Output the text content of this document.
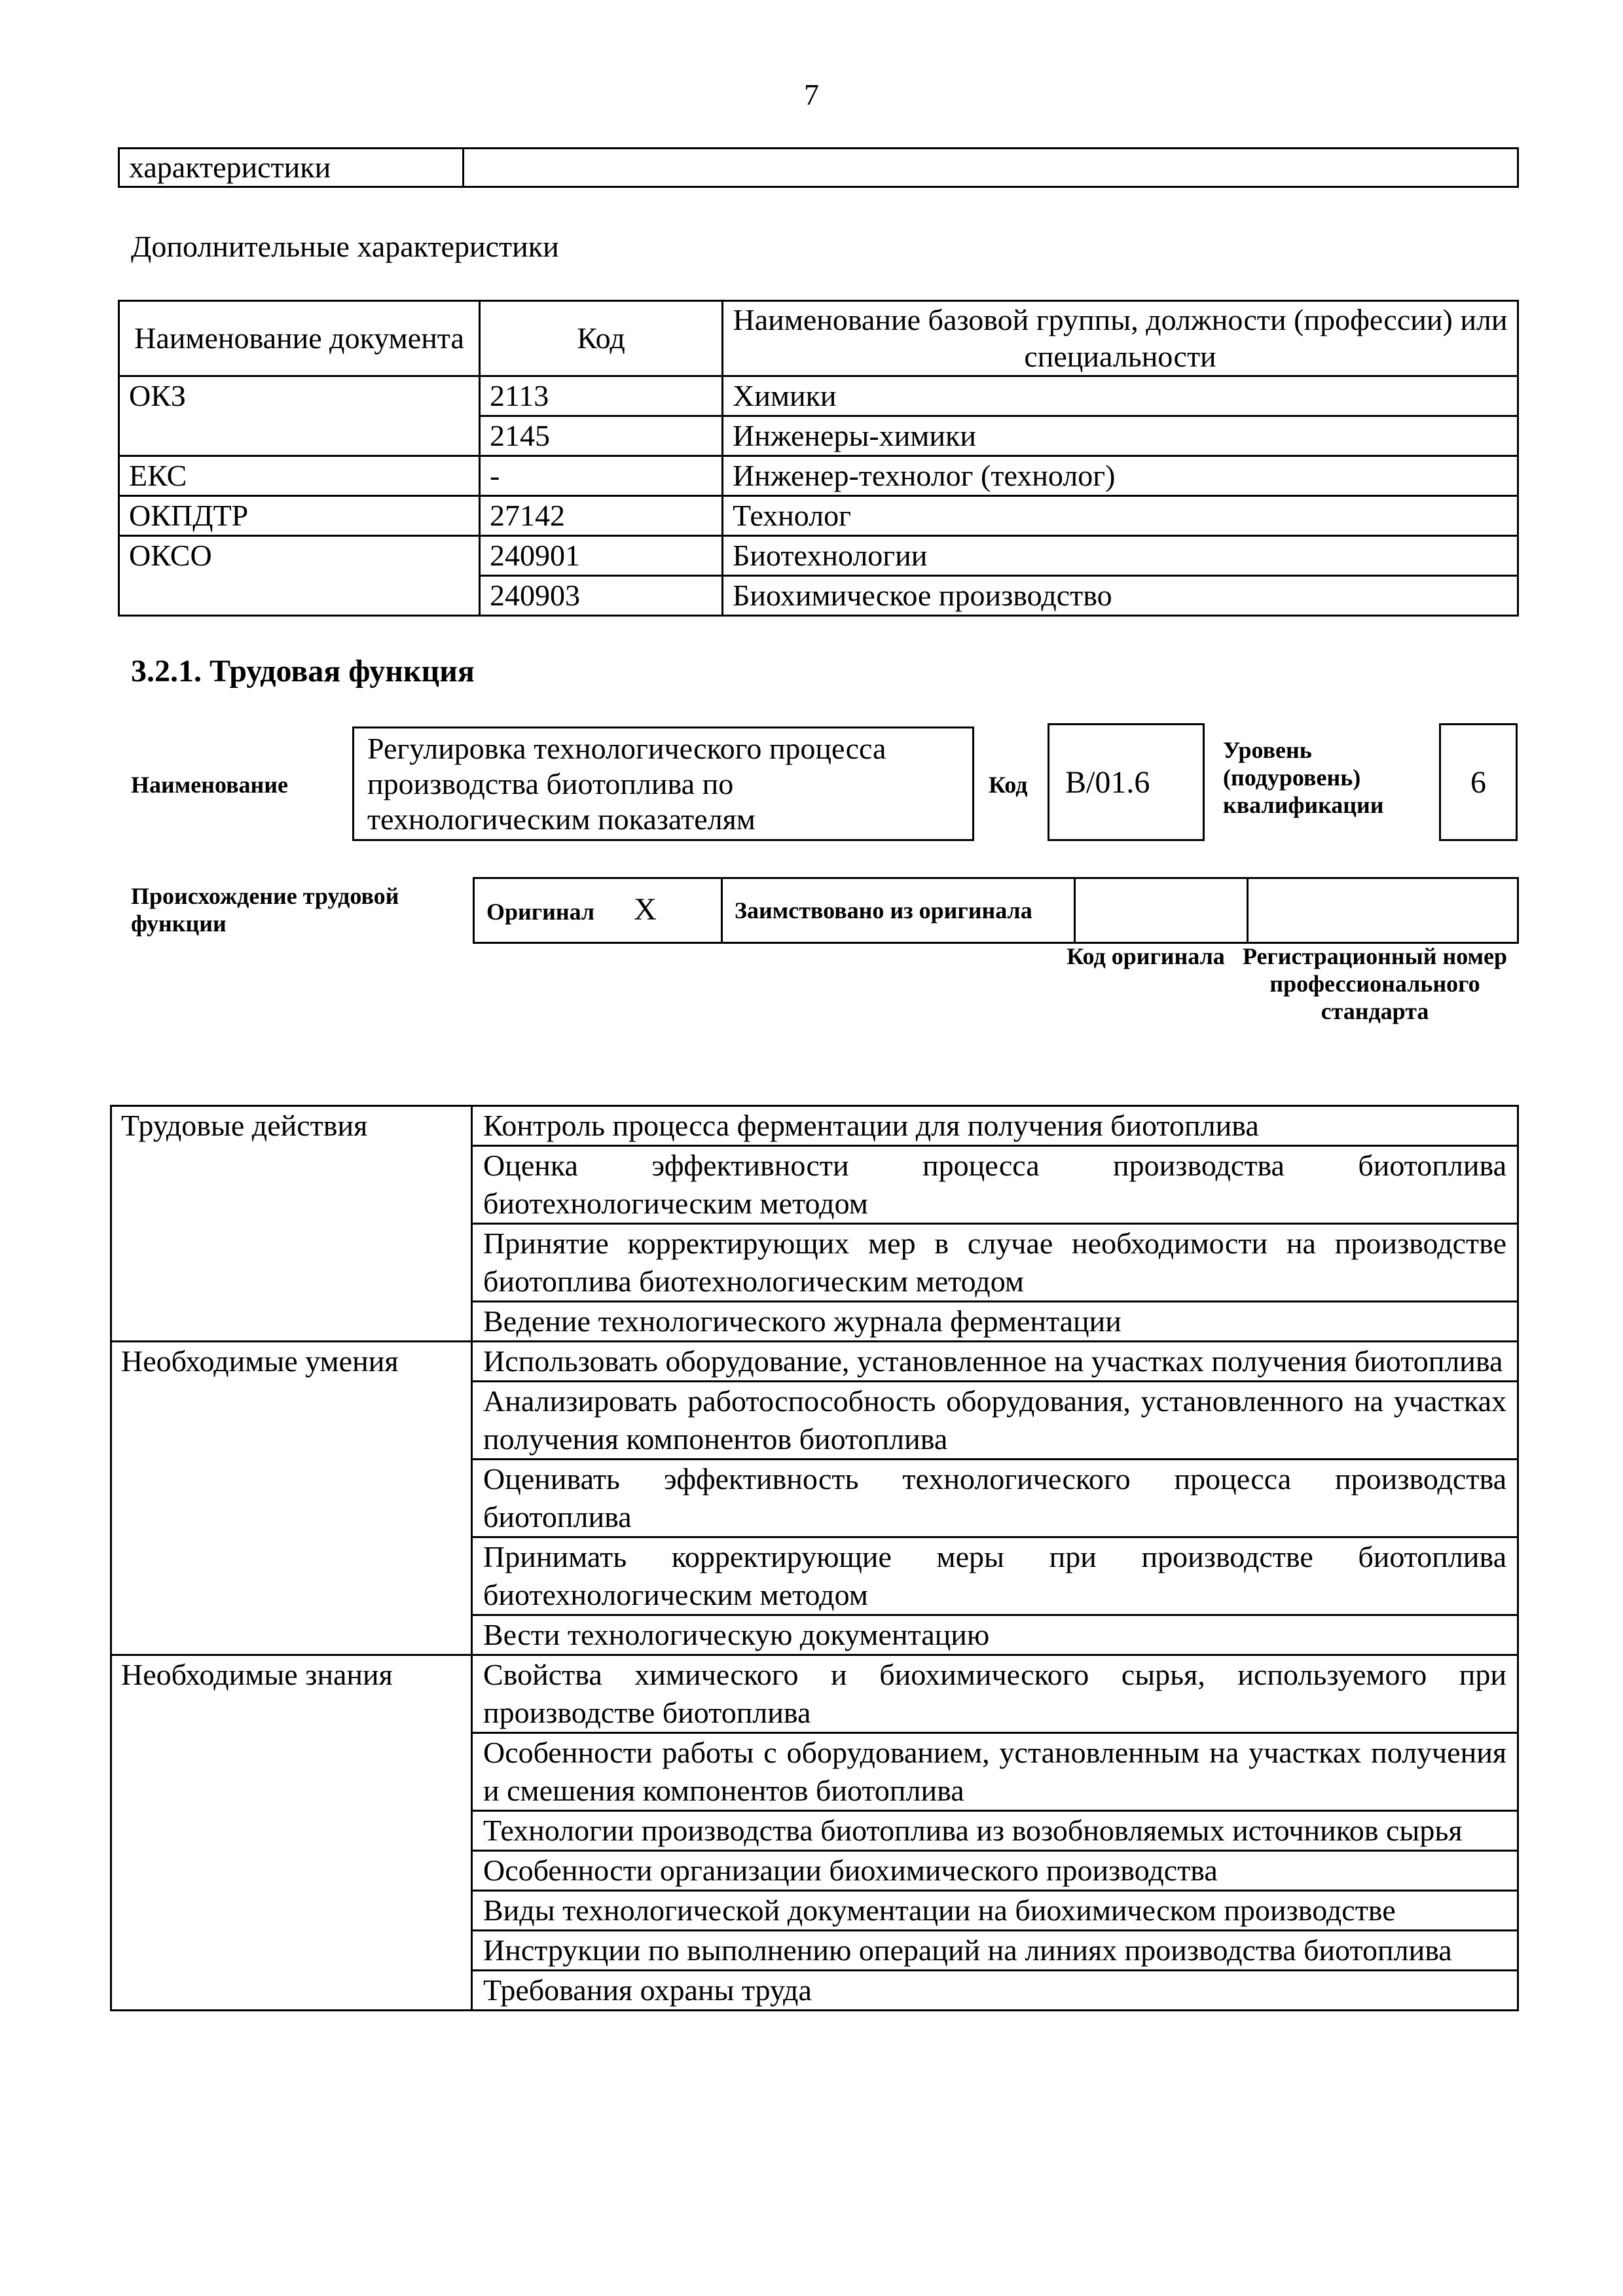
7
характеристики	
Дополнительные характеристики
Наименование документа	Код	Наименование базовой группы, должности (профессии) или специальности
ОКЗ	2113	Химики
	2145	Инженеры-химики
ЕКС	-	Инженер-технолог (технолог)
ОКПДТР	27142	Технолог
ОКСО	240901	Биотехнологии
	240903	Биохимическое производство
3.2.1. Трудовая функция
Наименование
Регулировка технологического процесса производства биотоплива по технологическим показателям
Код	B/01.6
Уровень (подуровень) квалификации
6
Происхождение трудовой функции	Оригинал X	Заимствовано из оригинала		
Код оригинала Регистрационный номер профессионального стандарта
Трудовые действия	Контроль процесса ферментации для получения биотоплива
	Оценка эффективности процесса производства биотоплива биотехнологическим методом
	Принятие корректирующих мер в случае необходимости на производстве биотоплива биотехнологическим методом
	Ведение технологического журнала ферментации
Необходимые умения	Использовать оборудование, установленное на участках получения биотоплива
	Анализировать работоспособность оборудования, установленного на участках получения компонентов биотоплива
	Оценивать эффективность технологического процесса производства биотоплива
	Принимать корректирующие меры при производстве биотоплива биотехнологическим методом
	Вести технологическую документацию
Необходимые знания	Свойства химического и биохимического сырья, используемого при производстве биотоплива
	Особенности работы с оборудованием, установленным на участках получения и смешения компонентов биотоплива
	Технологии производства биотоплива из возобновляемых источников сырья
	Особенности организации биохимического производства
	Виды технологической документации на биохимическом производстве
	Инструкции по выполнению операций на линиях производства биотоплива
	Требования охраны труда
